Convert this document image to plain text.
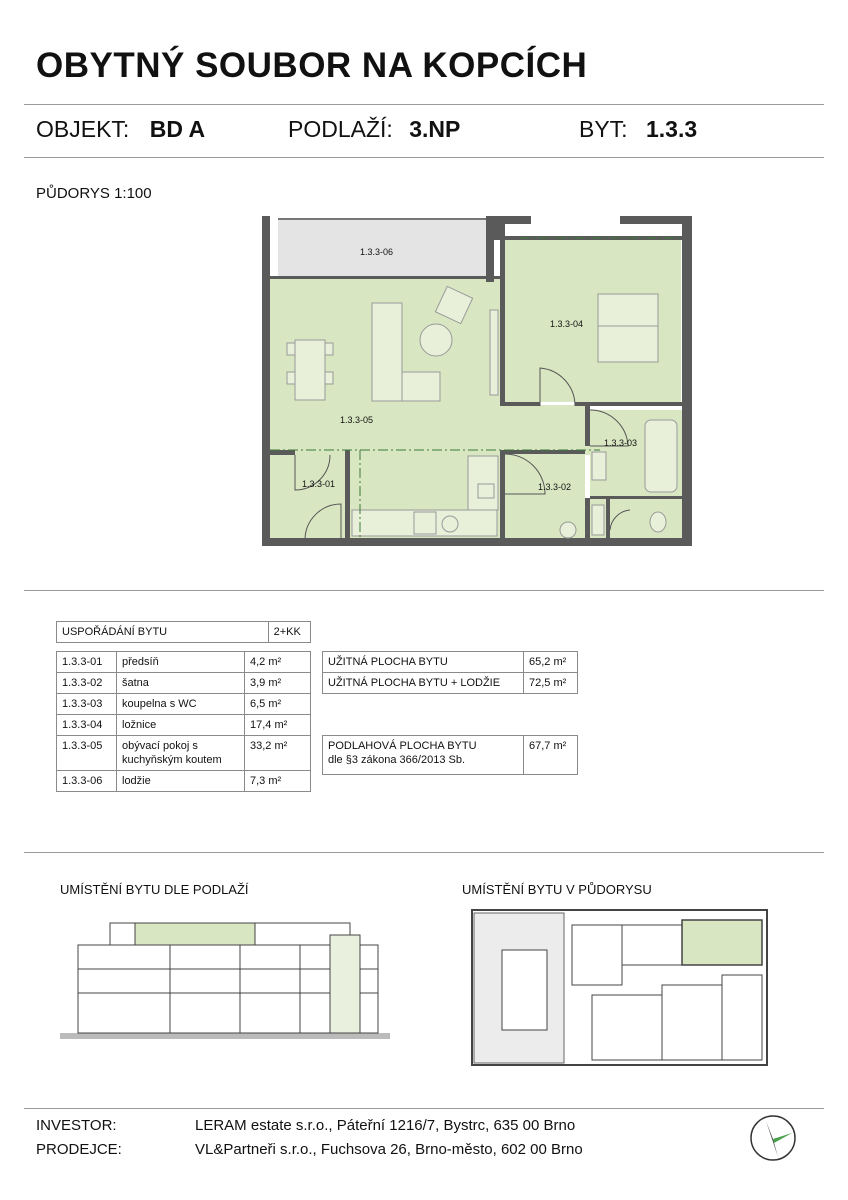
OBYTNÝ SOUBOR NA KOPCÍCH
OBJEKT: BD A	PODLAŽÍ: 3.NP	BYT: 1.3.3
PŮDORYS 1:100
1.3.3-06
1.3.3-04
1.3.3-05
1.3.3-03
1.3.3-01	1.3.3-02
USPOŘÁDÁNÍ BYTU	2+KK
1.3.3-01	předsíň	4,2 m²
1.3.3-02	šatna	3,9 m²
1.3.3-03	koupelna s WC	6,5 m²
1.3.3-04	ložnice	17,4 m²
1.3.3-05	obývací pokoj s kuchyňským koutem	33,2 m²
1.3.3-06	lodžie	7,3 m²
UŽITNÁ PLOCHA BYTU	65,2 m²
UŽITNÁ PLOCHA BYTU + LODŽIE	72,5 m²
PODLAHOVÁ PLOCHA BYTU
dle §3 zákona 366/2013 Sb.
	67,7 m²
UMÍSTĚNÍ BYTU DLE PODLAŽÍ	UMÍSTĚNÍ BYTU V PŮDORYSU
INVESTOR:	LERAM estate s.r.o., Páteřní 1216/7, Bystrc, 635 00 Brno
PRODEJCE:	VL&Partneři s.r.o., Fuchsova 26, Brno-město, 602 00 Brno
